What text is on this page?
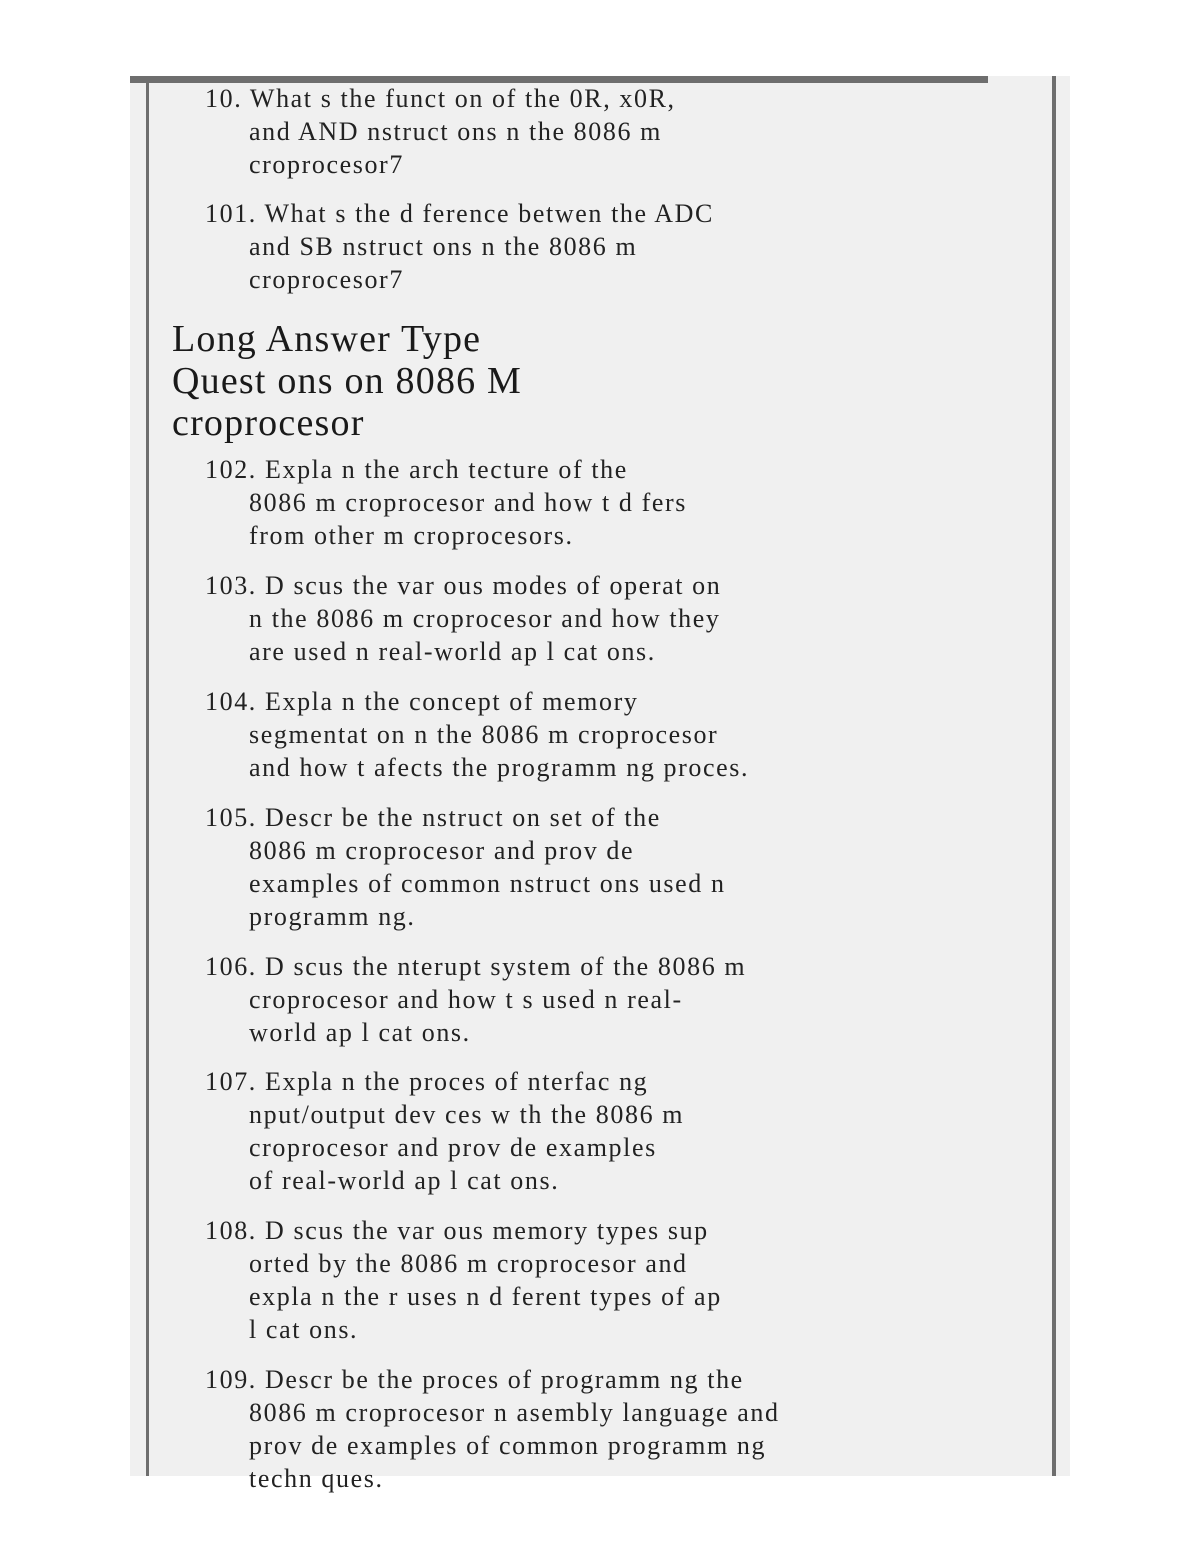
10. What s the funct on of the 0R, x0R,
and AND nstruct ons n the 8086 m
croprocesor7
101. What s the d ference betwen the ADC
and SB nstruct ons n the 8086 m
croprocesor7
Long Answer Type
Quest ons on 8086 M
croprocesor
102. Expla n the arch tecture of the
8086 m croprocesor and how t d fers
from other m croprocesors.
103. D scus the var ous modes of operat on
n the 8086 m croprocesor and how they
are used n real-world ap l cat ons.
104. Expla n the concept of memory
segmentat on n the 8086 m croprocesor
and how t afects the programm ng proces.
105. Descr be the nstruct on set of the
8086 m croprocesor and prov de
examples of common nstruct ons used n
programm ng.
106. D scus the nterupt system of the 8086 m
croprocesor and how t s used n real-
world ap l cat ons.
107. Expla n the proces of nterfac ng
nput/output dev ces w th the 8086 m
croprocesor and prov de examples
of real-world ap l cat ons.
108. D scus the var ous memory types sup
orted by the 8086 m croprocesor and
expla n the r uses n d ferent types of ap
l cat ons.
109. Descr be the proces of programm ng the
8086 m croprocesor n asembly language and
prov de examples of common programm ng
techn ques.
